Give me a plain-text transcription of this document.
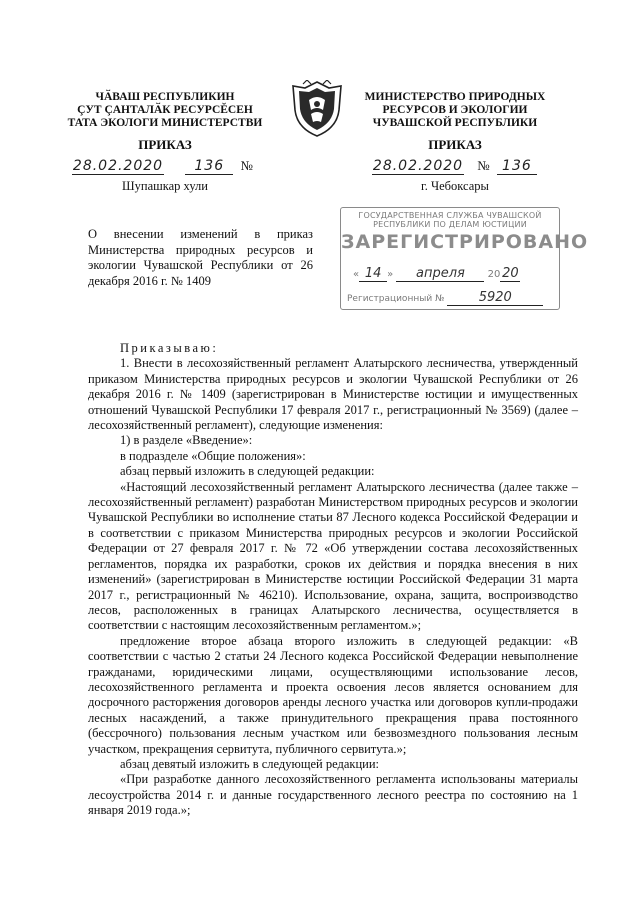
ЧӐВАШ РЕСПУБЛИКИН
ÇУТ ÇАНТАЛӐК РЕСУРСĔСЕН
ТАТА ЭКОЛОГИ МИНИСТЕРСТВИ
МИНИСТЕРСТВО ПРИРОДНЫХ
РЕСУРСОВ И ЭКОЛОГИИ
ЧУВАШСКОЙ РЕСПУБЛИКИ
ПРИКАЗ	ПРИКАЗ
28.02.2020 136 №	28.02.2020 № 136
Шупашкар хули	г. Чебоксары
О внесении изменений в приказ Министерства природных ресурсов и экологии Чувашской Республики от 26 декабря 2016 г. № 1409
ГОСУДАРСТВЕННАЯ СЛУЖБА ЧУВАШСКОЙ
РЕСПУБЛИКИ ПО ДЕЛАМ ЮСТИЦИИ
ЗАРЕГИСТРИРОВАНО
« 14 » апреля 20 20
Регистрационный №	5920

Приказываю:

1. Внести в лесохозяйственный регламент Алатырского лесничества, утвержденный приказом Министерства природных ресурсов и экологии Чувашской Республики от 26 декабря 2016 г. № 1409 (зарегистрирован в Министерстве юстиции и имущественных отношений Чувашской Республики 17 февраля 2017 г., регистрационный № 3569) (далее – лесохозяйственный регламент), следующие изменения:

1) в разделе «Введение»:

в подразделе «Общие положения»:

абзац первый изложить в следующей редакции:

«Настоящий лесохозяйственный регламент Алатырского лесничества (далее также – лесохозяйственный регламент) разработан Министерством природных ресурсов и экологии Чувашской Республики во исполнение статьи 87 Лесного кодекса Российской Федерации и в соответствии с приказом Министерства природных ресурсов и экологии Российской Федерации от 27 февраля 2017 г. № 72 «Об утверждении состава лесохозяйственных регламентов, порядка их разработки, сроков их действия и порядка внесения в них изменений» (зарегистрирован в Министерстве юстиции Российской Федерации 31 марта 2017 г., регистрационный № 46210). Использование, охрана, защита, воспроизводство лесов, расположенных в границах Алатырского лесничества, осуществляется в соответствии с настоящим лесохозяйственным регламентом.»;

предложение второе абзаца второго изложить в следующей редакции: «В соответствии с частью 2 статьи 24 Лесного кодекса Российской Федерации невыполнение гражданами, юридическими лицами, осуществляющими использование лесов, лесохозяйственного регламента и проекта освоения лесов является основанием для досрочного расторжения договоров аренды лесного участка или договоров купли-продажи лесных насаждений, а также принудительного прекращения права постоянного (бессрочного) пользования лесным участком или безвозмездного пользования лесным участком, прекращения сервитута, публичного сервитута.»;

абзац девятый изложить в следующей редакции:

«При разработке данного лесохозяйственного регламента использованы материалы лесоустройства 2014 г. и данные государственного лесного реестра по состоянию на 1 января 2019 года.»;
